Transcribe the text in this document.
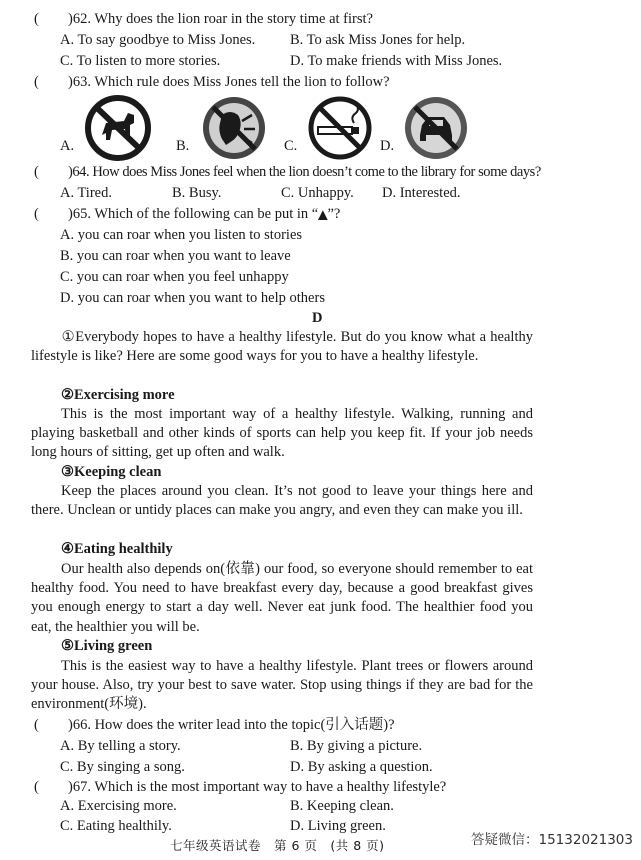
( )62. Why does the lion roar in the story time at first?
A. To say goodbye to Miss Jones. B. To ask Miss Jones for help.
C. To listen to more stories.	D. To make friends with Miss Jones.
( )63. Which rule does Miss Jones tell the lion to follow?
A.	B.	C.	D.
( )64. How does Miss Jones feel when the lion doesn’t come to the library for some days?
A. Tired.	B. Busy.	C. Unhappy. D. Interested.
( )65. Which of the following can be put in “▲”?
A. you can roar when you listen to stories
B. you can roar when you want to leave
C. you can roar when you feel unhappy
D. you can roar when you want to help others
D
①Everybody hopes to have a healthy lifestyle. But do you know what a healthy lifestyle is like? Here are some good ways for you to have a healthy lifestyle.
②Exercising more
This is the most important way of a healthy lifestyle. Walking, running and playing basketball and other kinds of sports can help you keep fit. If your job needs long hours of sitting, get up often and walk.
③Keeping clean
Keep the places around you clean. It’s not good to leave your things here and there. Unclean or untidy places can make you angry, and even they can make you ill.
④Eating healthily
Our health also depends on(依靠) our food, so everyone should remember to eat healthy food. You need to have breakfast every day, because a good breakfast gives you enough energy to start a day well. Never eat junk food. The healthier food you eat, the healthier you will be.
⑤Living green
This is the easiest way to have a healthy lifestyle. Plant trees or flowers around your house. Also, try your best to save water. Stop using things if they are bad for the environment(环境).
( )66. How does the writer lead into the topic(引入话题)?
A. By telling a story.	B. By giving a picture.
C. By singing a song.	D. By asking a question.
( )67. Which is the most important way to have a healthy lifestyle?
A. Exercising more.	B. Keeping clean.
C. Eating healthily.	D. Living green.
七年级英语试卷　第 6 页　(共 8 页)	答疑微信：15132021303
